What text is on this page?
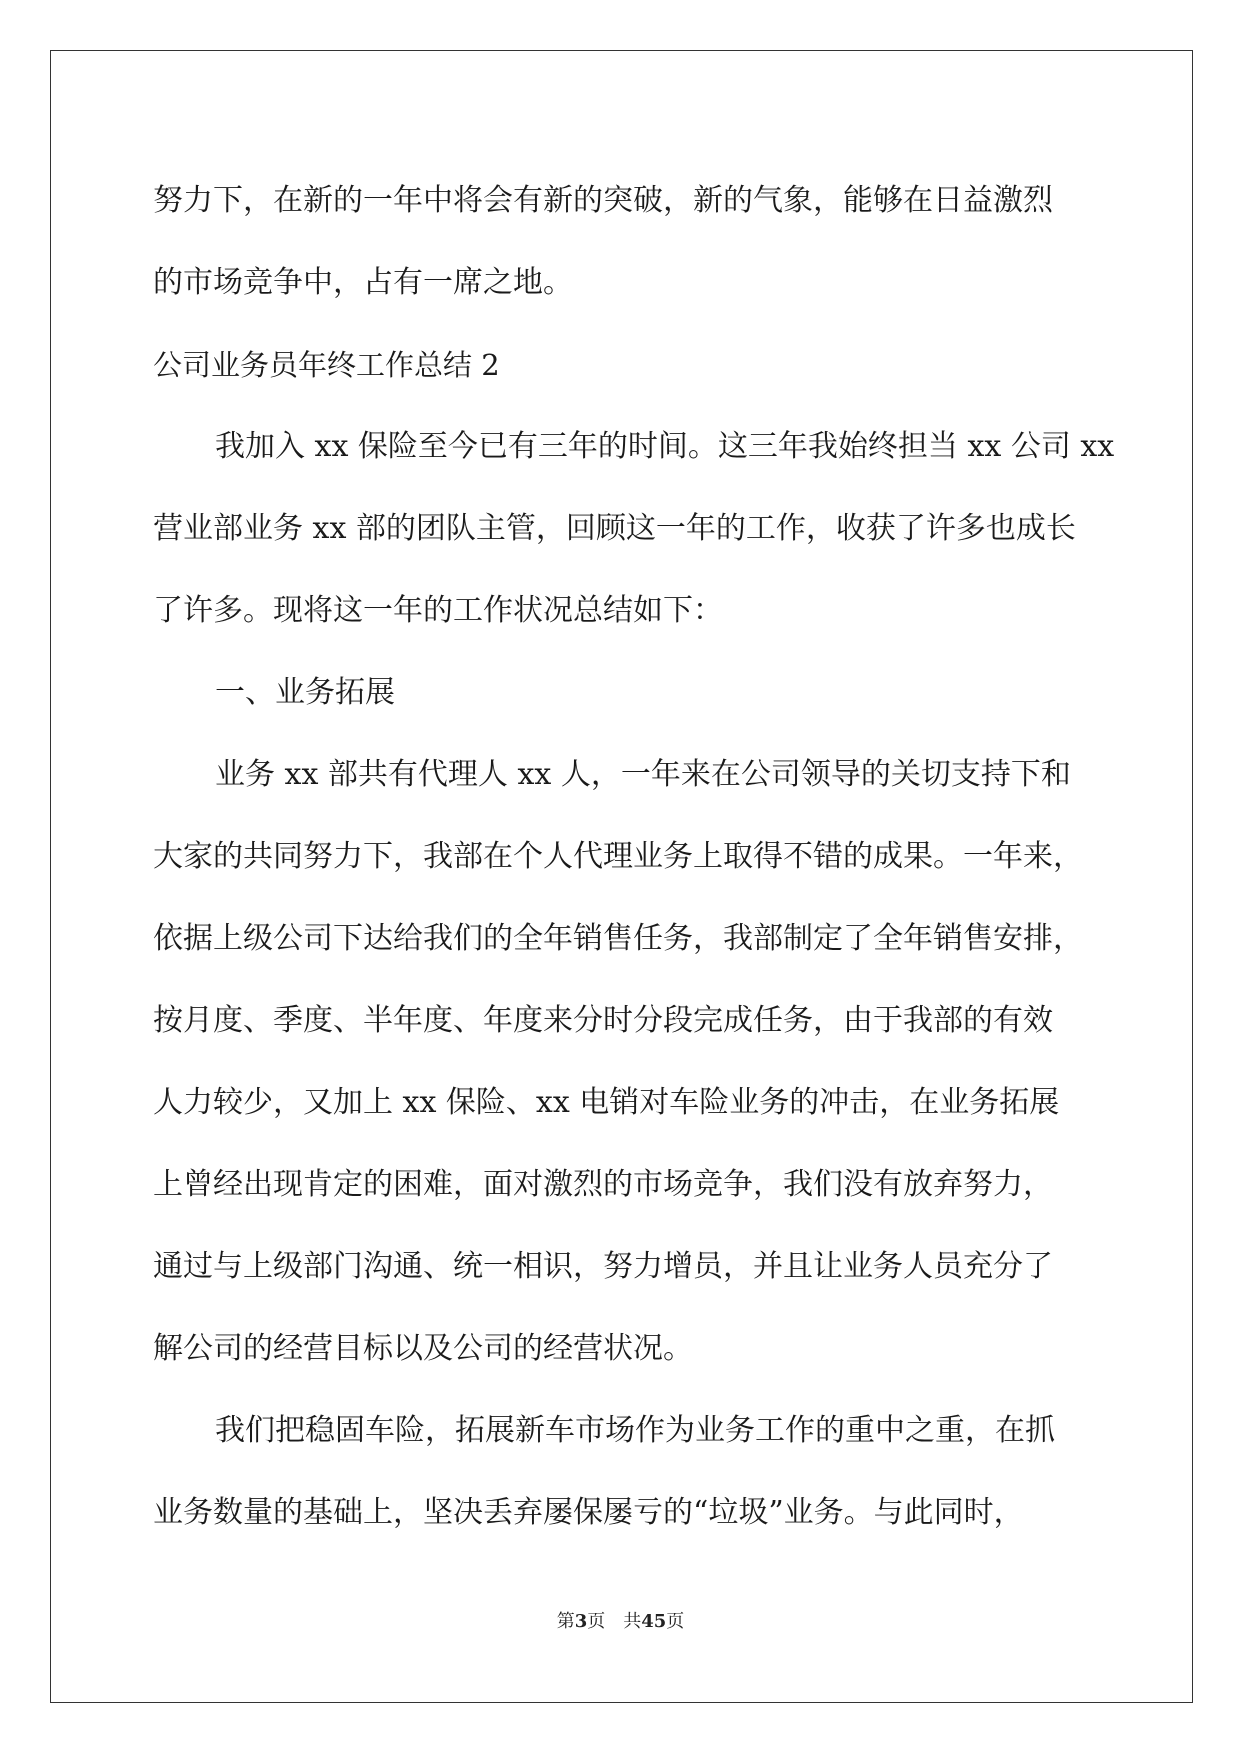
努力下，在新的一年中将会有新的突破，新的气象，能够在日益激烈
的市场竞争中，占有一席之地。
公司业务员年终工作总结 2
我加入 xx 保险至今已有三年的时间。这三年我始终担当 xx 公司 xx
营业部业务 xx 部的团队主管，回顾这一年的工作，收获了许多也成长
了许多。现将这一年的工作状况总结如下：
一、业务拓展
业务 xx 部共有代理人 xx 人，一年来在公司领导的关切支持下和
大家的共同努力下，我部在个人代理业务上取得不错的成果。一年来，
依据上级公司下达给我们的全年销售任务，我部制定了全年销售安排，
按月度、季度、半年度、年度来分时分段完成任务，由于我部的有效
人力较少，又加上 xx 保险、xx 电销对车险业务的冲击，在业务拓展
上曾经出现肯定的困难，面对激烈的市场竞争，我们没有放弃努力，
通过与上级部门沟通、统一相识，努力增员，并且让业务人员充分了
解公司的经营目标以及公司的经营状况。
我们把稳固车险，拓展新车市场作为业务工作的重中之重，在抓
业务数量的基础上，坚决丢弃屡保屡亏的“垃圾”业务。与此同时，
第3页 共45页
